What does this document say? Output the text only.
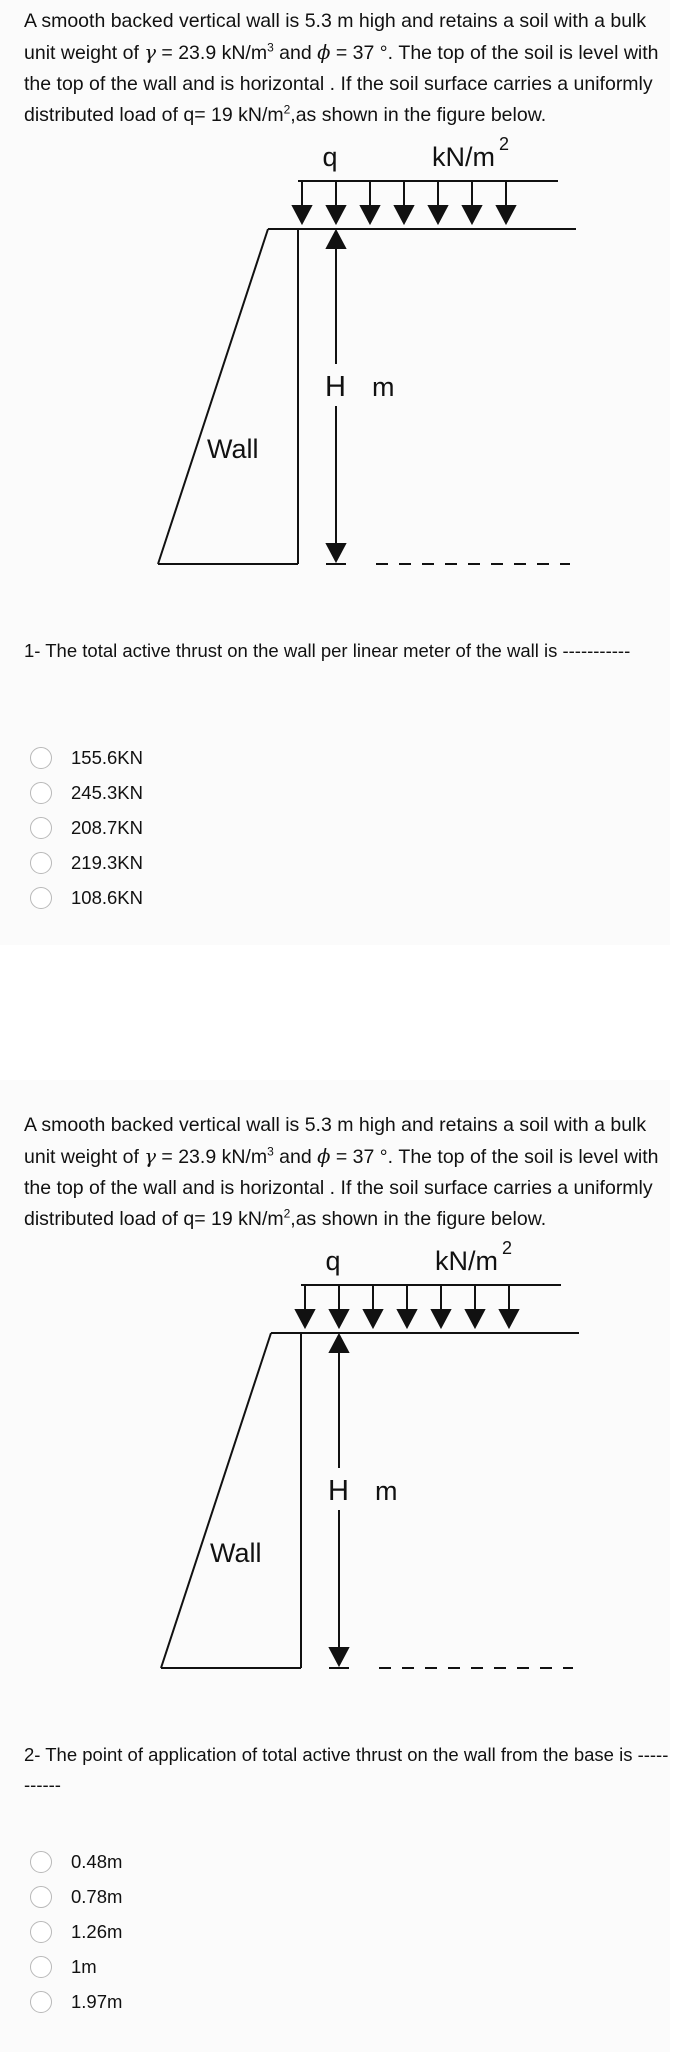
A smooth backed vertical wall is 5.3 m high and retains a soil with a bulk unit weight of γ = 23.9 $kN/m^3$ and ϕ = 37 °. The top of the soil is level with the top of the wall and is horizontal . If the soil surface carries a uniformly distributed load of q= 19 $kN/m^2,as$ shown in the figure below.

q	kN/m 2
H m
Wall

1- The total active thrust on the wall per linear meter of the wall is -----------

155.6KN
245.3KN
208.7KN
219.3KN
108.6KN

A smooth backed vertical wall is 5.3 m high and retains a soil with a bulk unit weight of γ = 23.9 $kN/m^3$ and ϕ = 37 °. The top of the soil is level with the top of the wall and is horizontal . If the soil surface carries a uniformly distributed load of q= 19 $kN/m^2,as$ shown in the figure below.

q	kN/m 2
H m
Wall

2- The point of application of total active thrust on the wall from the base is -----------

0.48m
0.78m
1.26m
1m
1.97m
